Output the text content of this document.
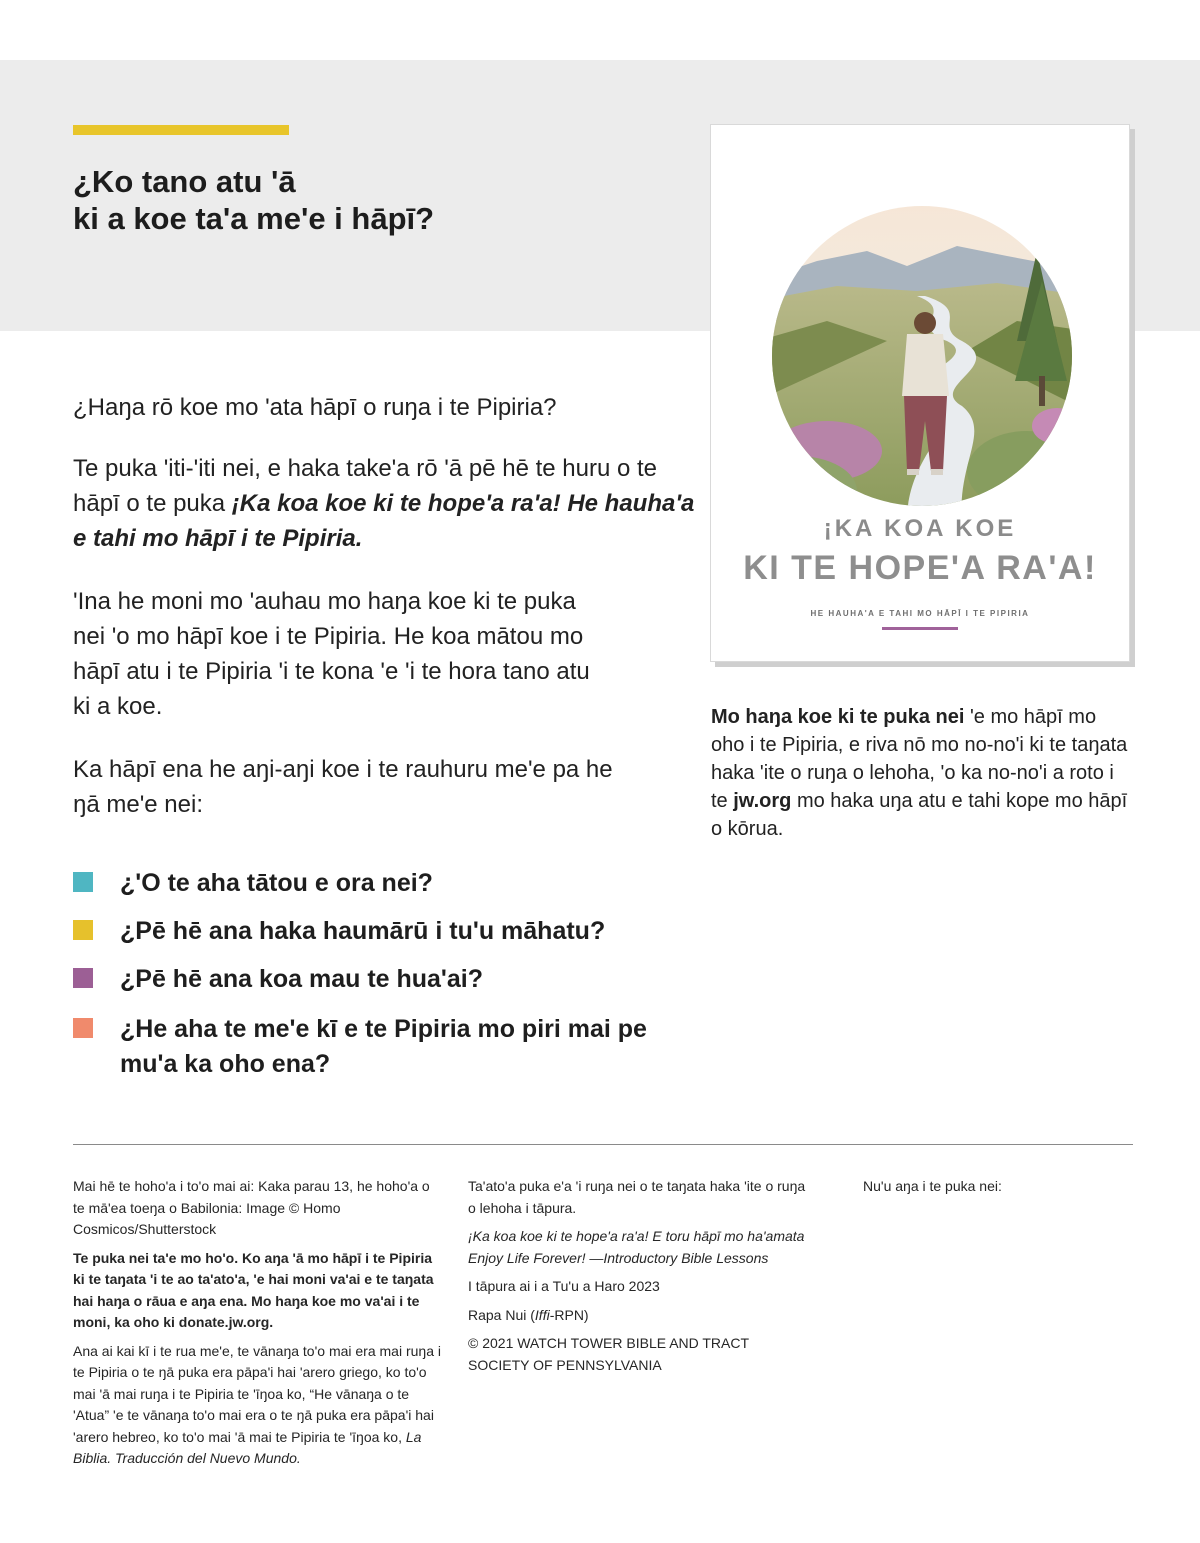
¿Ko tano atu 'ā
ki a koe ta'a me'e i hāpī?
¡KA KOA KOE
KI TE HOPE'A RA'A!
HE HAUHA'A E TAHI MO HĀPĪ I TE PIPIRIA

¿Haŋa rō koe mo 'ata hāpī o ruŋa i te Pipiria?

Te puka 'iti-'iti nei, e haka take'a rō 'ā pē hē te huru o te hāpī o te puka ¡Ka koa koe ki te hope'a ra'a! He hauha'a e tahi mo hāpī i te Pipiria.

'Ina he moni mo 'auhau mo haŋa koe ki te puka nei 'o mo hāpī koe i te Pipiria. He koa mātou mo hāpī atu i te Pipiria 'i te kona 'e 'i te hora tano atu ki a koe.

Ka hāpī ena he aŋi-aŋi koe i te rauhuru me'e pa he ŋā me'e nei:

¿'O te aha tātou e ora nei?
¿Pē hē ana haka haumārū i tu'u māhatu?
¿Pē hē ana koa mau te hua'ai?
¿He aha te me'e kī e te Pipiria mo piri mai pe mu'a ka oho ena?

Mo haŋa koe ki te puka nei 'e mo hāpī mo oho i te Pipiria, e riva nō mo no-no'i ki te taŋata haka 'ite o ruŋa o lehoha, 'o ka no-no'i a roto i te jw.org mo haka uŋa atu e tahi kope mo hāpī o kōrua.

Mai hē te hoho'a i to'o mai ai: Kaka parau 13, he hoho'a o te mā'ea toeŋa o Babilonia: Image © Homo Cosmicos/Shutterstock

Te puka nei ta'e mo ho'o. Ko aŋa 'ā mo hāpī i te Pipiria ki te taŋata 'i te ao ta'ato'a, 'e hai moni va'ai e te taŋata hai haŋa o rāua e aŋa ena. Mo haŋa koe mo va'ai i te moni, ka oho ki donate.jw.org.

Ana ai kai kī i te rua me'e, te vānaŋa to'o mai era mai ruŋa i te Pipiria o te ŋā puka era pāpa'i hai 'arero griego, ko to'o mai 'ā mai ruŋa i te Pipiria te 'īŋoa ko, “He vānaŋa o te 'Atua” 'e te vānaŋa to'o mai era o te ŋā puka era pāpa'i hai 'arero hebreo, ko to'o mai 'ā mai te Pipiria te 'īŋoa ko, La Biblia. Traducción del Nuevo Mundo.

Ta'ato'a puka e'a 'i ruŋa nei o te taŋata haka 'ite o ruŋa o lehoha i tāpura.

¡Ka koa koe ki te hope'a ra'a! E toru hāpī mo ha'amata Enjoy Life Forever! —Introductory Bible Lessons

I tāpura ai i a Tu'u a Haro 2023

Rapa Nui (Iffi-RPN)

© 2021 WATCH TOWER BIBLE AND TRACT SOCIETY OF PENNSYLVANIA

Nu'u aŋa i te puka nei:
